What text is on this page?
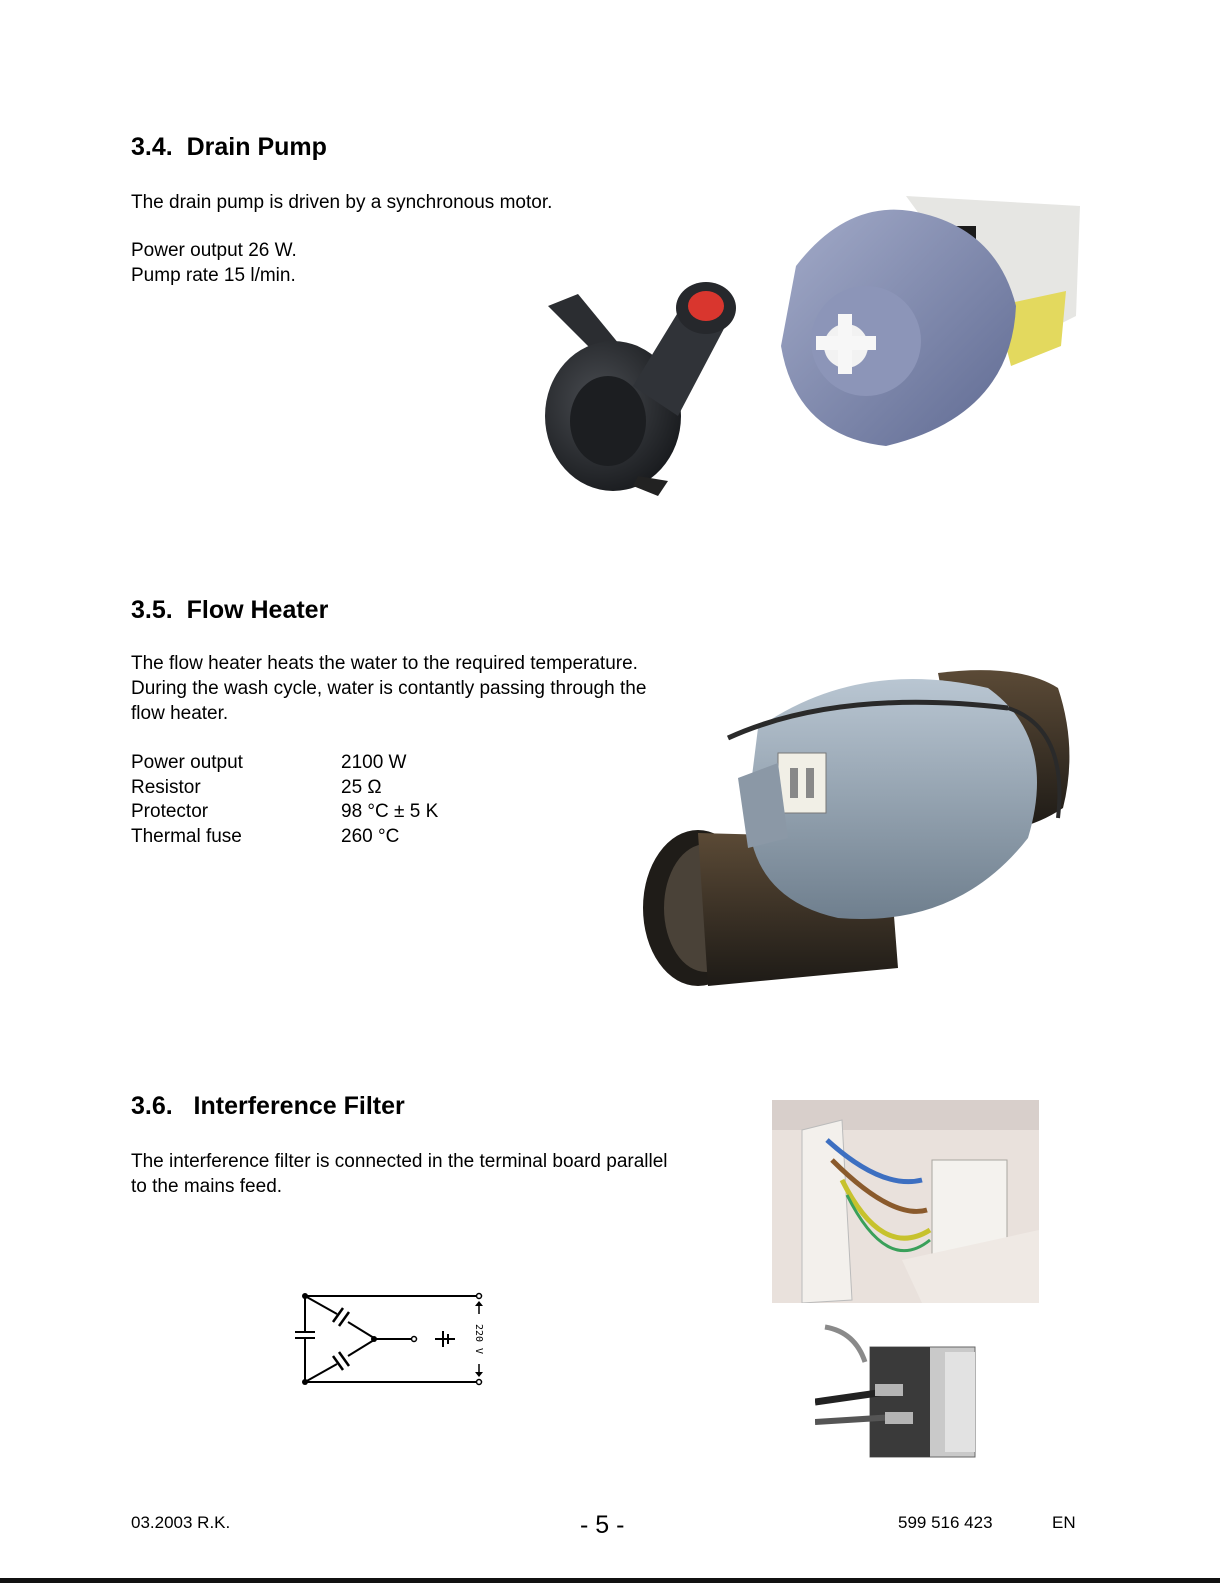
3.4. Drain Pump
The drain pump is driven by a synchronous motor.
Power output 26 W.
Pump rate 15 l/min.
3.5. Flow Heater
The flow heater heats the water to the required temperature.
During the wash cycle, water is contantly passing through the
flow heater.
Power output	2100 W
Resistor	25 Ω
Protector	98 °C ± 5 K
Thermal fuse	260 °C
3.6. Interference Filter
The interference filter is connected in the terminal board parallel
to the mains feed.
220 V
03.2003 R.K.	- 5 -	599 516 423	EN
